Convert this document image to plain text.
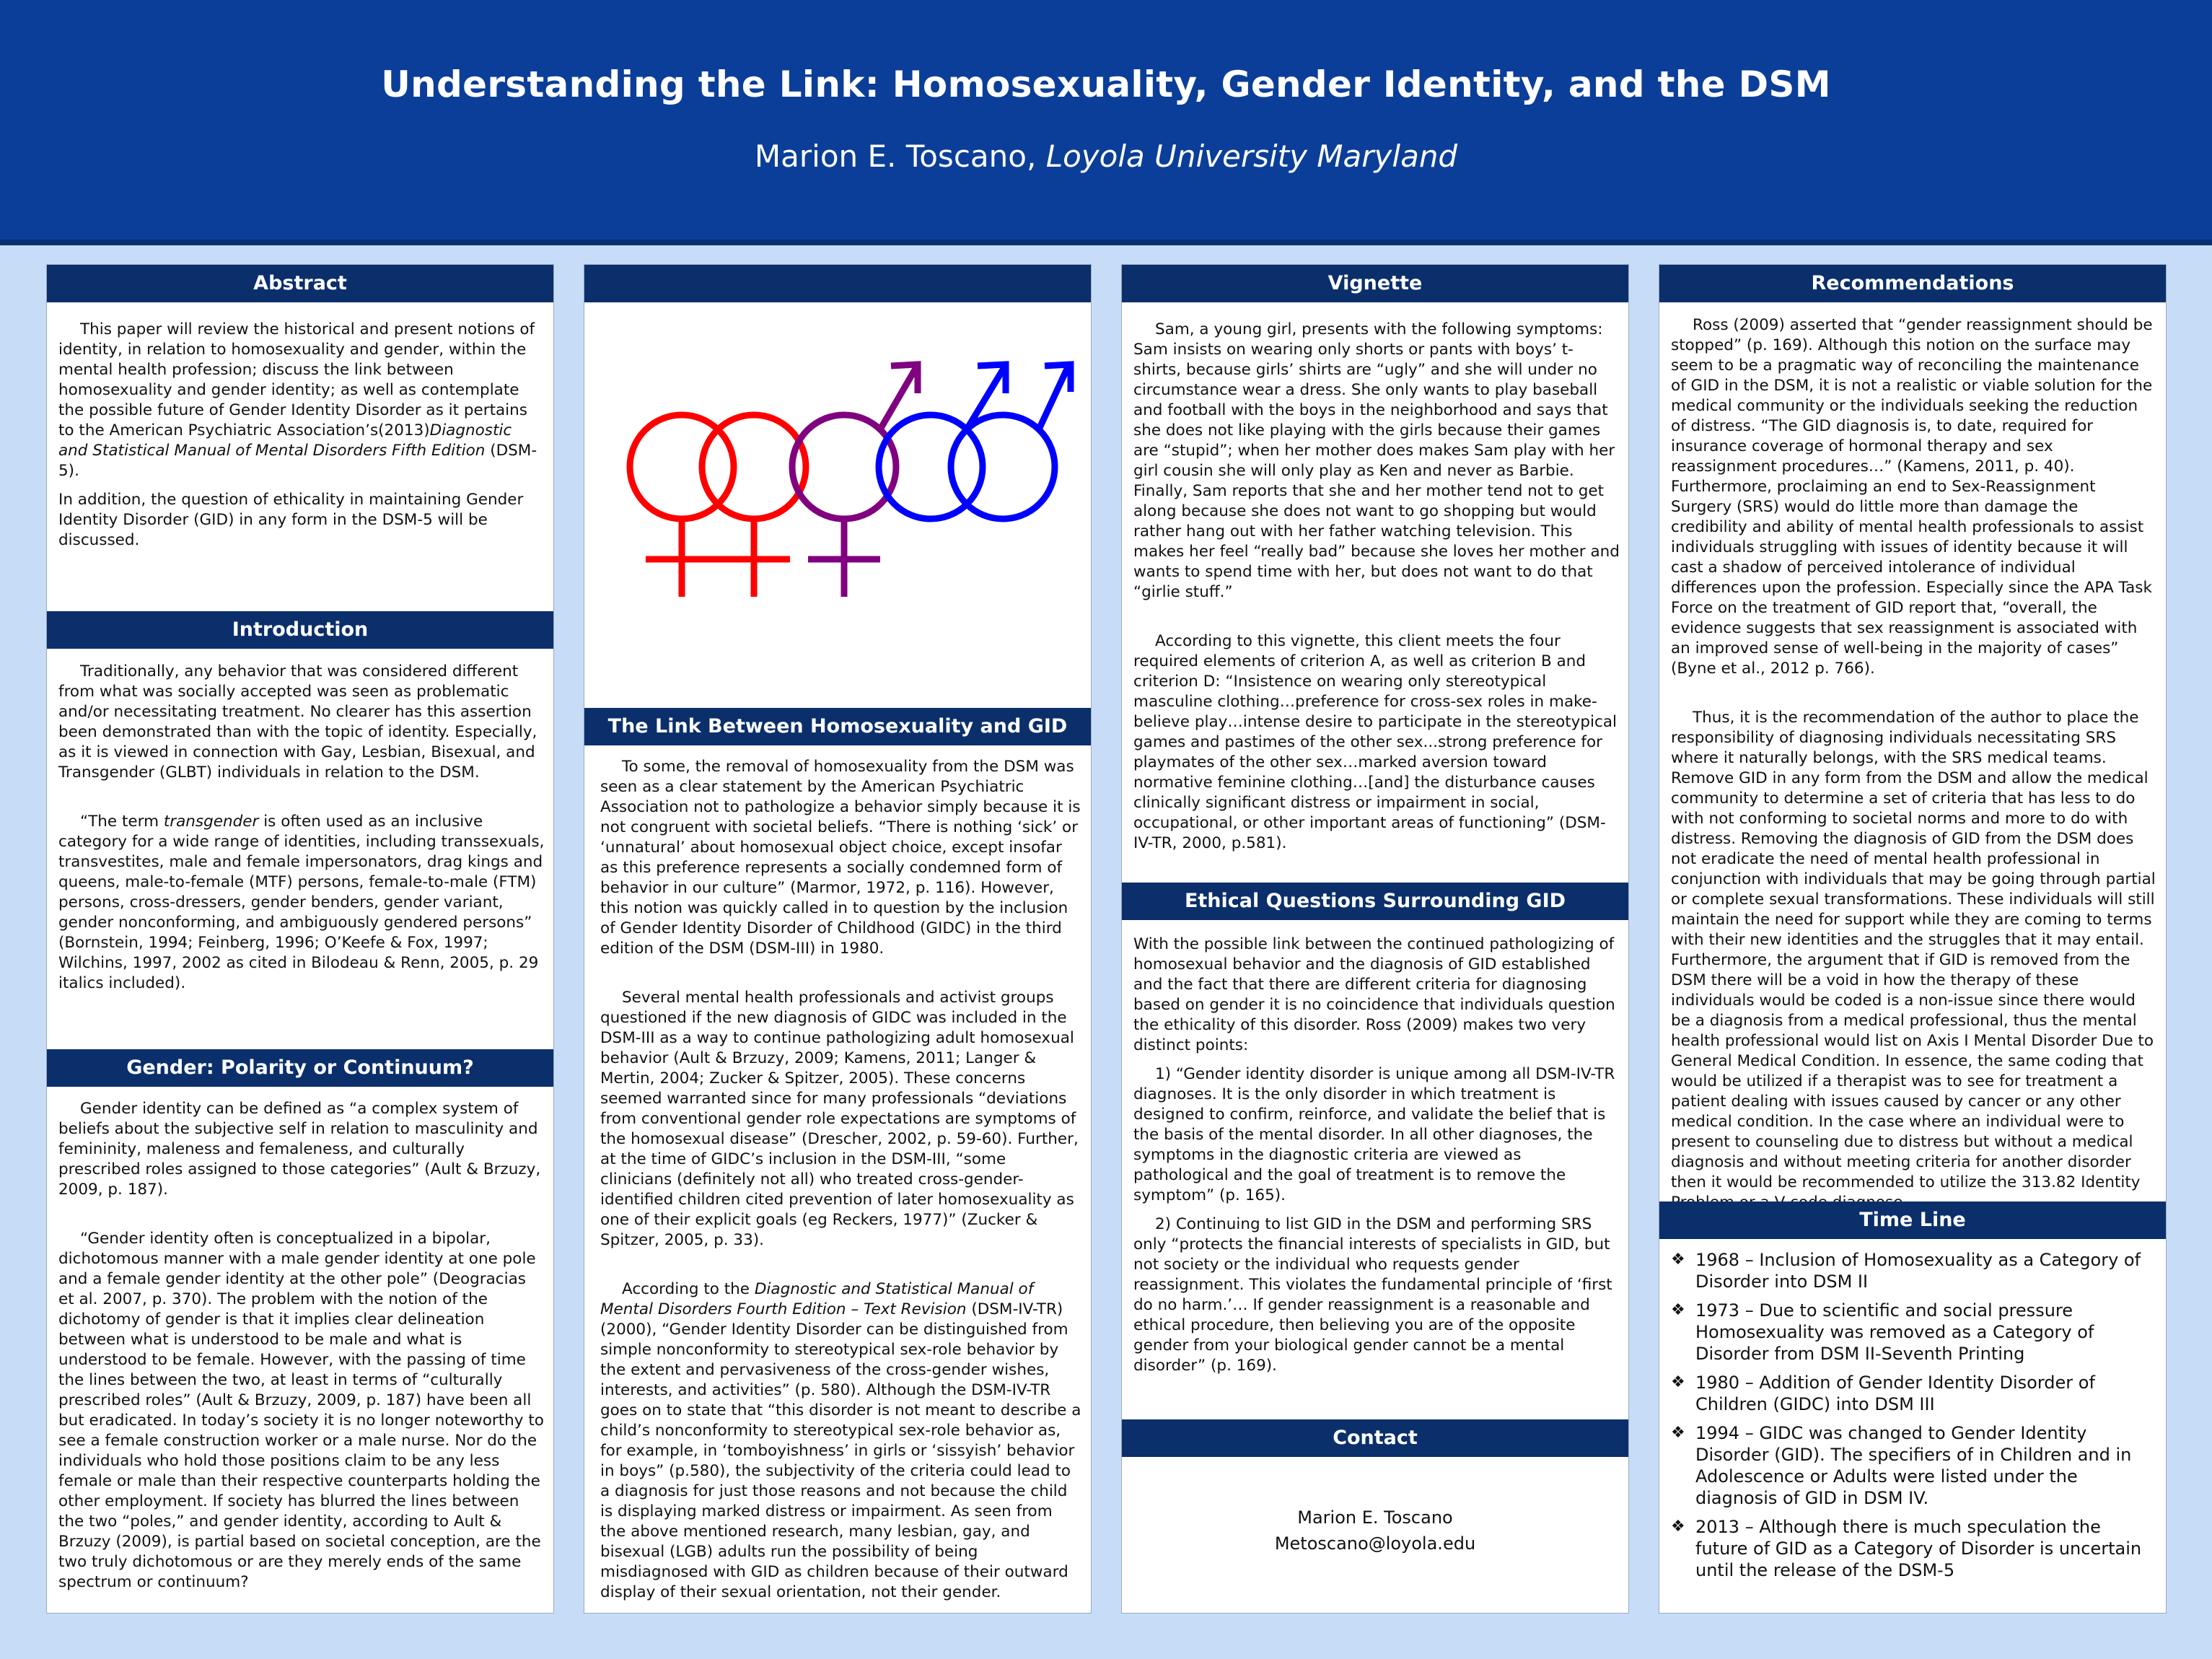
Understanding the Link: Homosexuality, Gender Identity, and the DSM
Marion E. Toscano, Loyola University Maryland
Abstract

This paper will review the historical and present notions of identity, in relation to homosexuality and gender, within the mental health profession; discuss the link between homosexuality and gender identity; as well as contemplate the possible future of Gender Identity Disorder as it pertains to the American Psychiatric Association’s(2013)Diagnostic and Statistical Manual of Mental Disorders Fifth Edition (DSM-5).

In addition, the question of ethicality in maintaining Gender Identity Disorder (GID) in any form in the DSM-5 will be discussed.

Introduction

Traditionally, any behavior that was considered different from what was socially accepted was seen as problematic and/or necessitating treatment. No clearer has this assertion been demonstrated than with the topic of identity. Especially, as it is viewed in connection with Gay, Lesbian, Bisexual, and Transgender (GLBT) individuals in relation to the DSM.

“The term transgender is often used as an inclusive category for a wide range of identities, including transsexuals, transvestites, male and female impersonators, drag kings and queens, male-to-female (MTF) persons, female-to-male (FTM) persons, cross-dressers, gender benders, gender variant, gender nonconforming, and ambiguously gendered persons” (Bornstein, 1994; Feinberg, 1996; O’Keefe & Fox, 1997; Wilchins, 1997, 2002 as cited in Bilodeau & Renn, 2005, p. 29 italics included).

Gender: Polarity or Continuum?

Gender identity can be defined as “a complex system of beliefs about the subjective self in relation to masculinity and femininity, maleness and femaleness, and culturally prescribed roles assigned to those categories” (Ault & Brzuzy, 2009, p. 187).

“Gender identity often is conceptualized in a bipolar, dichotomous manner with a male gender identity at one pole and a female gender identity at the other pole” (Deogracias et al. 2007, p. 370). The problem with the notion of the dichotomy of gender is that it implies clear delineation between what is understood to be male and what is understood to be female. However, with the passing of time the lines between the two, at least in terms of “culturally prescribed roles” (Ault & Brzuzy, 2009, p. 187) have been all but eradicated. In today’s society it is no longer noteworthy to see a female construction worker or a male nurse. Nor do the individuals who hold those positions claim to be any less female or male than their respective counterparts holding the other employment. If society has blurred the lines between the two “poles,” and gender identity, according to Ault & Brzuzy (2009), is partial based on societal conception, are the two truly dichotomous or are they merely ends of the same spectrum or continuum?

The Link Between Homosexuality and GID

To some, the removal of homosexuality from the DSM was seen as a clear statement by the American Psychiatric Association not to pathologize a behavior simply because it is not congruent with societal beliefs. “There is nothing ‘sick’ or ‘unnatural’ about homosexual object choice, except insofar as this preference represents a socially condemned form of behavior in our culture” (Marmor, 1972, p. 116). However, this notion was quickly called in to question by the inclusion of Gender Identity Disorder of Childhood (GIDC) in the third edition of the DSM (DSM-III) in 1980.

Several mental health professionals and activist groups questioned if the new diagnosis of GIDC was included in the DSM-III as a way to continue pathologizing adult homosexual behavior (Ault & Brzuzy, 2009; Kamens, 2011; Langer & Mertin, 2004; Zucker & Spitzer, 2005). These concerns seemed warranted since for many professionals “deviations from conventional gender role expectations are symptoms of the homosexual disease” (Drescher, 2002, p. 59-60). Further, at the time of GIDC’s inclusion in the DSM-III, “some clinicians (definitely not all) who treated cross-gender-identified children cited prevention of later homosexuality as one of their explicit goals (eg Reckers, 1977)” (Zucker & Spitzer, 2005, p. 33).

According to the Diagnostic and Statistical Manual of Mental Disorders Fourth Edition – Text Revision (DSM-IV-TR) (2000), “Gender Identity Disorder can be distinguished from simple nonconformity to stereotypical sex-role behavior by the extent and pervasiveness of the cross-gender wishes, interests, and activities” (p. 580). Although the DSM-IV-TR goes on to state that “this disorder is not meant to describe a child’s nonconformity to stereotypical sex-role behavior as, for example, in ‘tomboyishness’ in girls or ‘sissyish’ behavior in boys” (p.580), the subjectivity of the criteria could lead to a diagnosis for just those reasons and not because the child is displaying marked distress or impairment. As seen from the above mentioned research, many lesbian, gay, and bisexual (LGB) adults run the possibility of being misdiagnosed with GID as children because of their outward display of their sexual orientation, not their gender.

Vignette

Sam, a young girl, presents with the following symptoms: Sam insists on wearing only shorts or pants with boys’ t-shirts, because girls’ shirts are “ugly” and she will under no circumstance wear a dress. She only wants to play baseball and football with the boys in the neighborhood and says that she does not like playing with the girls because their games are “stupid”; when her mother does makes Sam play with her girl cousin she will only play as Ken and never as Barbie. Finally, Sam reports that she and her mother tend not to get along because she does not want to go shopping but would rather hang out with her father watching television. This makes her feel “really bad” because she loves her mother and wants to spend time with her, but does not want to do that “girlie stuff.”

According to this vignette, this client meets the four required elements of criterion A, as well as criterion B and criterion D: “Insistence on wearing only stereotypical masculine clothing…preference for cross-sex roles in make-believe play…intense desire to participate in the stereotypical games and pastimes of the other sex...strong preference for playmates of the other sex…marked aversion toward normative feminine clothing…[and] the disturbance causes clinically significant distress or impairment in social, occupational, or other important areas of functioning” (DSM-IV-TR, 2000, p.581).

Ethical Questions Surrounding GID

With the possible link between the continued pathologizing of homosexual behavior and the diagnosis of GID established and the fact that there are different criteria for diagnosing based on gender it is no coincidence that individuals question the ethicality of this disorder. Ross (2009) makes two very distinct points:

1) “Gender identity disorder is unique among all DSM-IV-TR diagnoses. It is the only disorder in which treatment is designed to confirm, reinforce, and validate the belief that is the basis of the mental disorder. In all other diagnoses, the symptoms in the diagnostic criteria are viewed as pathological and the goal of treatment is to remove the symptom” (p. 165).

2) Continuing to list GID in the DSM and performing SRS only “protects the financial interests of specialists in GID, but not society or the individual who requests gender reassignment. This violates the fundamental principle of ‘first do no harm.’… If gender reassignment is a reasonable and ethical procedure, then believing you are of the opposite gender from your biological gender cannot be a mental disorder” (p. 169).

Contact
Marion E. Toscano
Metoscano@loyola.edu
Recommendations

Ross (2009) asserted that “gender reassignment should be stopped” (p. 169). Although this notion on the surface may seem to be a pragmatic way of reconciling the maintenance of GID in the DSM, it is not a realistic or viable solution for the medical community or the individuals seeking the reduction of distress. “The GID diagnosis is, to date, required for insurance coverage of hormonal therapy and sex reassignment procedures…” (Kamens, 2011, p. 40). Furthermore, proclaiming an end to Sex-Reassignment Surgery (SRS) would do little more than damage the credibility and ability of mental health professionals to assist individuals struggling with issues of identity because it will cast a shadow of perceived intolerance of individual differences upon the profession. Especially since the APA Task Force on the treatment of GID report that, “overall, the evidence suggests that sex reassignment is associated with an improved sense of well-being in the majority of cases” (Byne et al., 2012 p. 766).

Thus, it is the recommendation of the author to place the responsibility of diagnosing individuals necessitating SRS where it naturally belongs, with the SRS medical teams. Remove GID in any form from the DSM and allow the medical community to determine a set of criteria that has less to do with not conforming to societal norms and more to do with distress. Removing the diagnosis of GID from the DSM does not eradicate the need of mental health professional in conjunction with individuals that may be going through partial or complete sexual transformations. These individuals will still maintain the need for support while they are coming to terms with their new identities and the struggles that it may entail. Furthermore, the argument that if GID is removed from the DSM there will be a void in how the therapy of these individuals would be coded is a non-issue since there would be a diagnosis from a medical professional, thus the mental health professional would list on Axis I Mental Disorder Due to General Medical Condition. In essence, the same coding that would be utilized if a therapist was to see for treatment a patient dealing with issues caused by cancer or any other medical condition. In the case where an individual were to present to counseling due to distress but without a medical diagnosis and without meeting criteria for another disorder then it would be recommended to utilize the 313.82 Identity

Time Line
❖ 1968 – Inclusion of Homosexuality as a Category of Disorder into DSM II
❖ 1973 – Due to scientific and social pressure Homosexuality was removed as a Category of Disorder from DSM II-Seventh Printing
❖ 1980 – Addition of Gender Identity Disorder of Children (GIDC) into DSM III
❖ 1994 – GIDC was changed to Gender Identity Disorder (GID). The specifiers of in Children and in Adolescence or Adults were listed under the diagnosis of GID in DSM IV.
❖ 2013 – Although there is much speculation the future of GID as a Category of Disorder is uncertain until the release of the DSM-5
